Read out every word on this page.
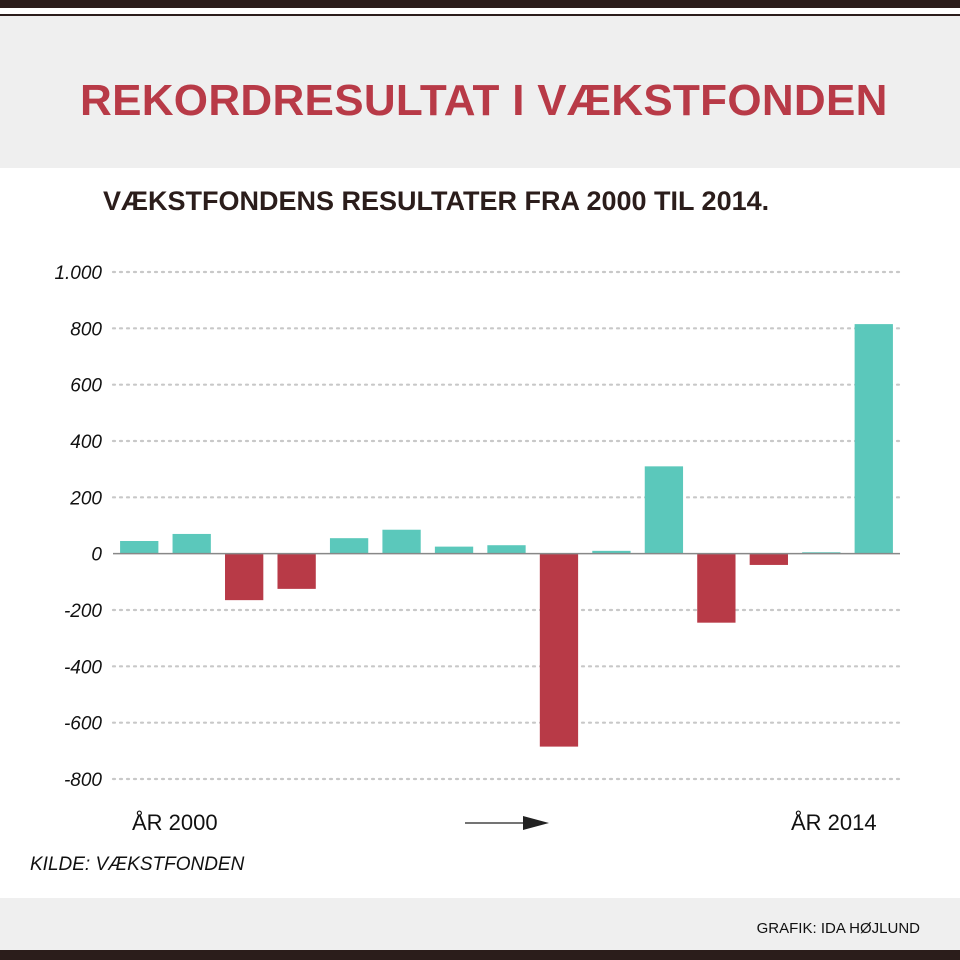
REKORDRESULTAT I VÆKSTFONDEN
VÆKSTFONDENS RESULTATER FRA 2000 TIL 2014.
1.000
800
600
400
200
0
-200
-400
-600
-800
ÅR 2000	ÅR 2014
KILDE: VÆKSTFONDEN
GRAFIK: IDA HØJLUND
